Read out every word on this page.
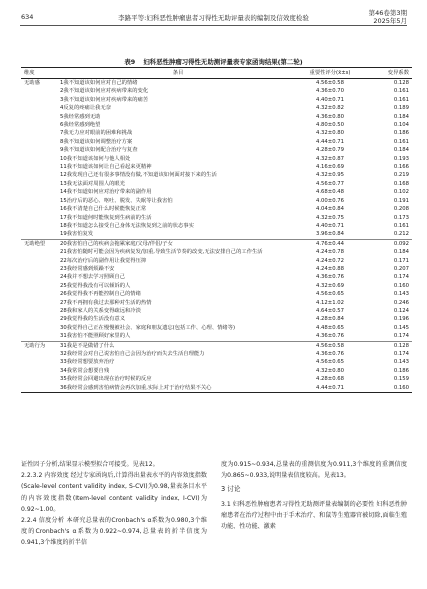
634	李路平等:妇科恶性肿瘤患者习得性无助评量表的编制及信效度检验
第46卷第3期
2025年5月
表9 妇科恶性肿瘤习得性无助测评量表专家函询结果(第二轮)
维度	条目	重要性评分(x̄±s)	变异系数
无助感	1我不知道该如何应对自己的情绪	4.56±0.58	0.128
	2我不知道该如何应对疾病带来的变化	4.36±0.70	0.161
	3我不知道该如何应对疾病带来的痛苦	4.40±0.71	0.161
	4反复的疼痛让我无奈	4.32±0.82	0.189
	5我经常感到无助	4.36±0.80	0.184
	6我经常感到绝望	4.80±0.50	0.104
	7我无力应对眼前的困难和挑战	4.32±0.80	0.186
	8我不知道该如何调整治疗方案	4.44±0.71	0.161
	9我不知道该如何配合治疗与复查	4.28±0.79	0.184
	10我不知道该如何与他人相处	4.32±0.87	0.193
	11我不知道该如何让自己看起来更精神	4.16±0.69	0.166
	12我发现自己还有很多事情没有做,不知道该如何面对接下来的生活	4.32±0.95	0.219
	13我无法面对周围人的眼光	4.56±0.77	0.168
	14我不知道如何应对治疗带来的副作用	4.68±0.48	0.102
	15治疗后的恶心、呕吐、脱发、失眠等让我害怕	4.00±0.76	0.191
	16我不清楚自己什么时候能恢复正常	4.04±0.84	0.208
	17我不知道何时能恢复到生病前的生活	4.32±0.75	0.173
	18我不知道怎么接受自己身体无法恢复到之前的状态事实	4.40±0.71	0.161
	19我害怕复发	3.96±0.84	0.212
无助绝望	20我害怕自己的疾病会拖累家庭/父母/伴侣/子女	4.76±0.44	0.092
	21我害怕随时可能会因为疾病复发/加重,导致生活节奏的改变,无法安排自己的工作生活	4.24±0.78	0.184
	22每次治疗后的副作用让我觉得压抑	4.24±0.72	0.171
	23我经常感到烦躁不安	4.24±0.88	0.207
	24我并不想去学习照顾自己	4.36±0.76	0.174
	25我觉得我没有可以倾诉的人	4.32±0.69	0.160
	26我觉得我不再能控制自己的情绪	4.56±0.65	0.143
	27我不再拥有我过去那种对生活的热情	4.12±1.02	0.246
	28我和家人的关系变得疏远和冷淡	4.64±0.57	0.124
	29我觉得我的生活没有意义	4.28±0.84	0.196
	30我觉得自己正在慢慢被社会、家庭和朋友遗忘(包括工作、心理、情绪等)	4.48±0.65	0.145
	31我害怕不能照顾好家里的人	4.36±0.76	0.174
无助行为	31我是不是做错了什么	4.56±0.58	0.128
	32我经常会对自己说害怕自己会因为治疗而失去生活自理能力	4.36±0.76	0.174
	33我经常想要放弃治疗	4.56±0.65	0.143
	34我常常会想要自残	4.32±0.80	0.186
	35我经常会回避出现在治疗时候的反应	4.28±0.68	0.159
	36我经常会感到害怕病情会再次加重,实际上对于治疗结果不关心	4.44±0.71	0.160

证性因子分析,结果显示模型拟合可接受。见表12。

2.2.3.2 内容效度 经过专家函询后,计算得出量表水平的内容效度指数(Scale-level content validity index, S-CVI)为0.98,量表条目水平的内容效度指数(Item-level content validity index, I-CVI)为0.92~1.00。

2.2.4 信度分析 本研究总量表的Cronbach's α系数为0.980,3个维度的Cronbach's α系数为0.922~0.974,总量表的折半信度为0.941,3个维度的折半信

度为0.915~0.934,总量表的重测信度为0.911,3个维度的重测信度为0.865~0.933,说明量表信度较高。见表13。

3 讨论

3.1 妇科恶性肿瘤患者习得性无助测评量表编制的必要性 妇科恶性肿瘤患者在治疗过程中由于手术治疗、和鼠等生殖器官被切除,面临生殖功能、性功能、激素
